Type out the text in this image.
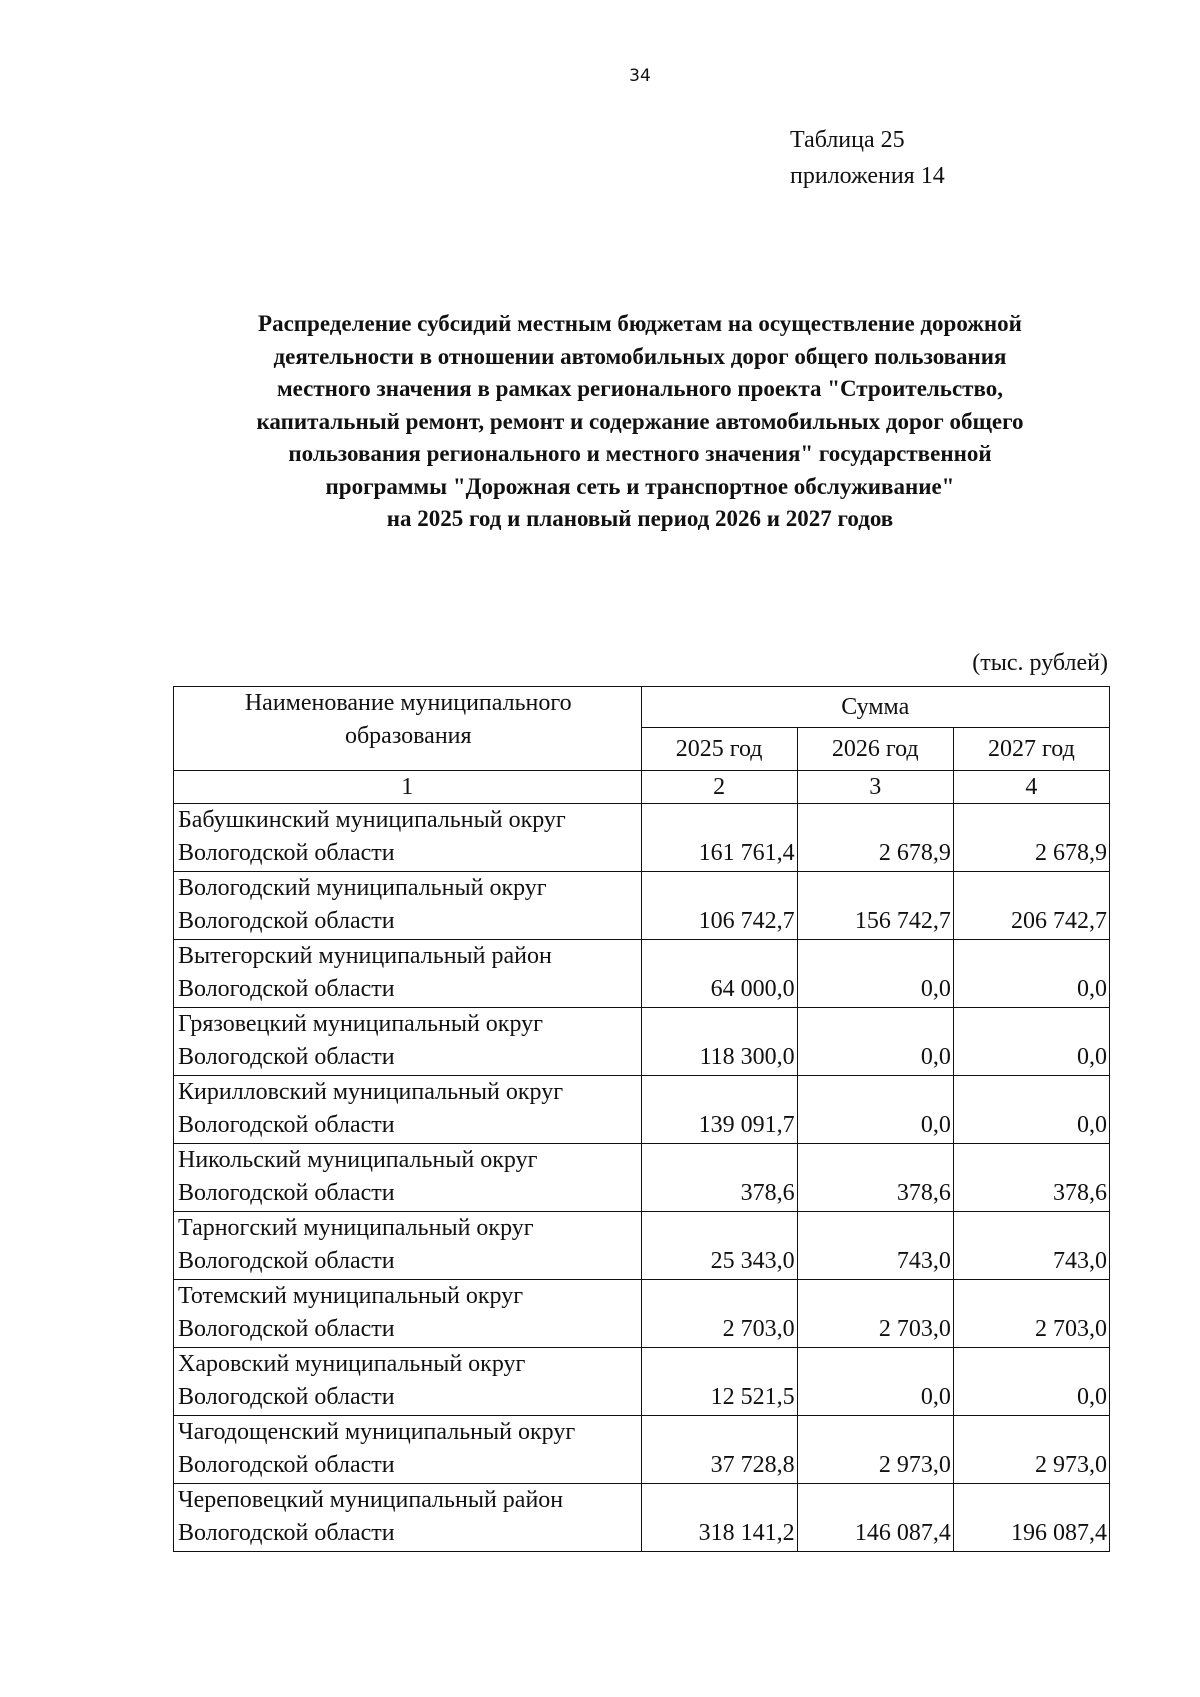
34
Таблица 25
приложения 14
Распределение субсидий местным бюджетам на осуществление дорожной
деятельности в отношении автомобильных дорог общего пользования
местного значения в рамках регионального проекта "Строительство,
капитальный ремонт, ремонт и содержание автомобильных дорог общего
пользования регионального и местного значения" государственной
программы "Дорожная сеть и транспортное обслуживание"
на 2025 год и плановый период 2026 и 2027 годов
(тыс. рублей)
Наименование муниципального
образования	Сумма		
	2025 год	2026 год	2027 год
1	2	3	4

Бабушкинский муниципальный округ
Вологодской области	161 761,4	2 678,9	2 678,9

Вологодский муниципальный округ
Вологодской области	106 742,7	156 742,7	206 742,7

Вытегорский муниципальный район
Вологодской области	64 000,0	0,0	0,0

Грязовецкий муниципальный округ
Вологодской области	118 300,0	0,0	0,0

Кирилловский муниципальный округ
Вологодской области	139 091,7	0,0	0,0

Никольский муниципальный округ
Вологодской области	378,6	378,6	378,6

Тарногский муниципальный округ
Вологодской области	25 343,0	743,0	743,0

Тотемский муниципальный округ
Вологодской области	2 703,0	2 703,0	2 703,0

Харовский муниципальный округ
Вологодской области	12 521,5	0,0	0,0

Чагодощенский муниципальный округ
Вологодской области	37 728,8	2 973,0	2 973,0

Череповецкий муниципальный район
Вологодской области	318 141,2	146 087,4	196 087,4
